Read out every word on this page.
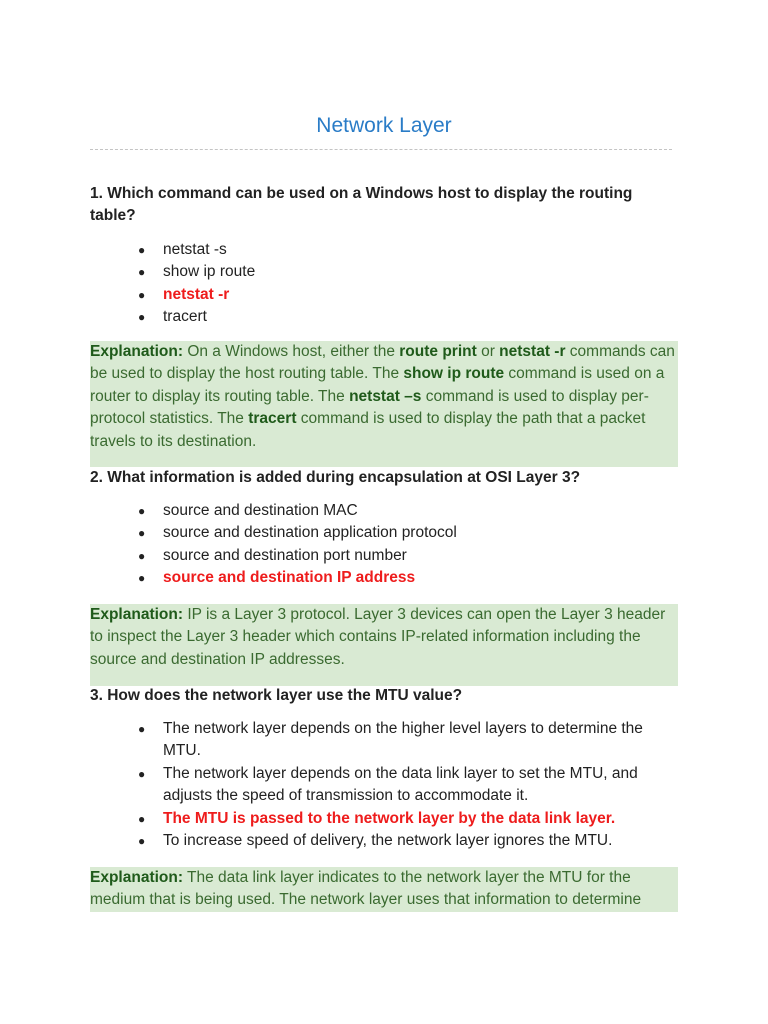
Network Layer
1. Which command can be used on a Windows host to display the routing table?
● netstat -s
● show ip route
● netstat -r
● tracert
Explanation: On a Windows host, either the route print or netstat -r commands can be used to display the host routing table. The show ip route command is used on a router to display its routing table. The netstat –s command is used to display per-protocol statistics. The tracert command is used to display the path that a packet travels to its destination.
2. What information is added during encapsulation at OSI Layer 3?
● source and destination MAC
● source and destination application protocol
● source and destination port number
● source and destination IP address
Explanation: IP is a Layer 3 protocol. Layer 3 devices can open the Layer 3 header to inspect the Layer 3 header which contains IP-related information including the source and destination IP addresses.
3. How does the network layer use the MTU value?
● The network layer depends on the higher level layers to determine the MTU.
● The network layer depends on the data link layer to set the MTU, and adjusts the speed of transmission to accommodate it.
● The MTU is passed to the network layer by the data link layer.
● To increase speed of delivery, the network layer ignores the MTU.
Explanation: The data link layer indicates to the network layer the MTU for the medium that is being used. The network layer uses that information to determine
